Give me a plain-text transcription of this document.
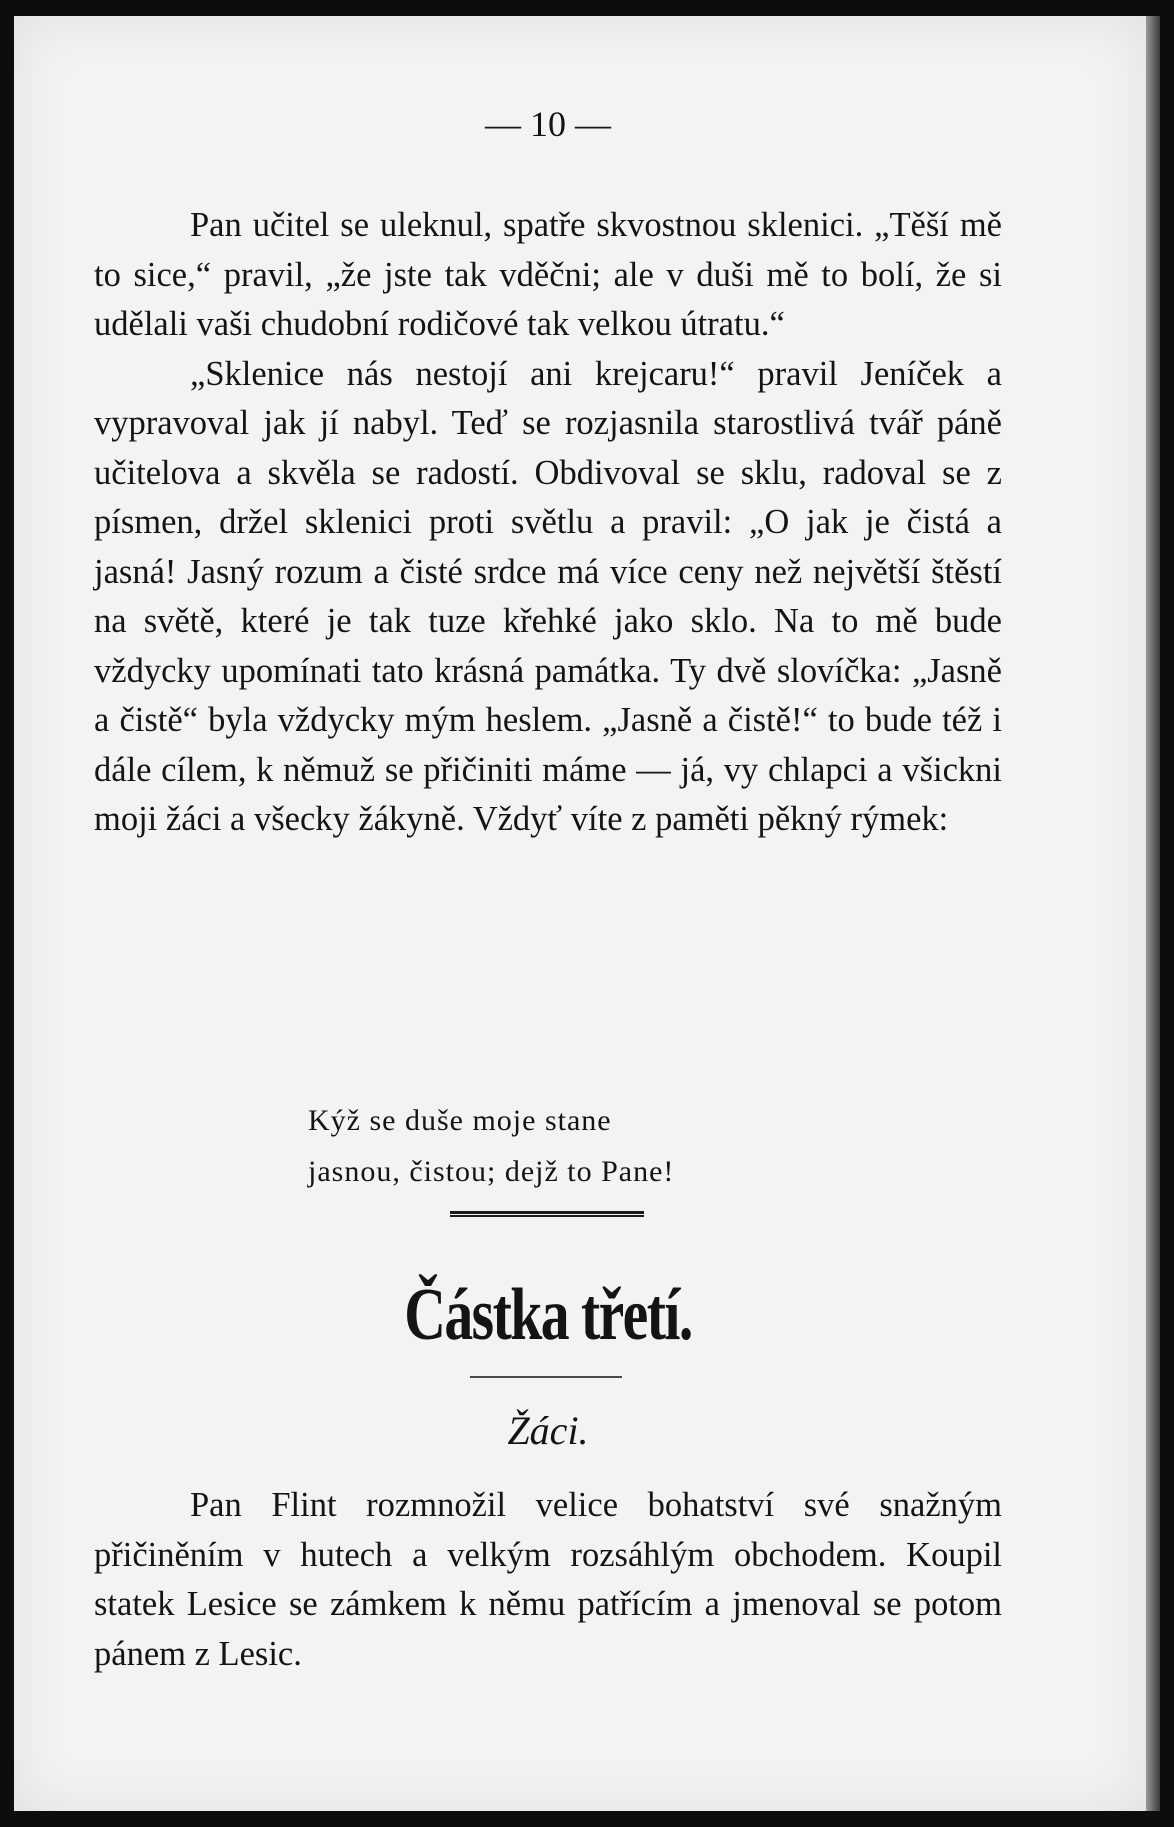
— 10 —

Pan učitel se uleknul, spatře skvostnou sklenici. „Těší mě to sice,“ pravil, „že jste tak vděčni; ale v duši mě to bolí, že si udělali vaši chudobní rodičové tak velkou útratu.“

„Sklenice nás nestojí ani krejcaru!“ pravil Jeníček a vypravoval jak jí nabyl. Teď se rozjasnila starostlivá tvář páně učitelova a skvěla se radostí. Obdivoval se sklu, radoval se z písmen, držel sklenici proti světlu a pravil: „O jak je čistá a jasná! Jasný rozum a čisté srdce má více ceny než největší štěstí na světě, které je tak tuze křehké jako sklo. Na to mě bude vždycky upomínati tato krásná památka. Ty dvě slovíčka: „Jasně a čistě“ byla vždycky mým heslem. „Jasně a čistě!“ to bude též i dále cílem, k němuž se přičiniti máme — já, vy chlapci a všickni moji žáci a všecky žákyně. Vždyť víte z paměti pěkný rýmek:

Kýž se duše moje stane
jasnou, čistou; dejž to Pane!
Částka třetí.
Žáci.

Pan Flint rozmnožil velice bohatství své snažným přičiněním v hutech a velkým rozsáhlým obchodem. Koupil statek Lesice se zámkem k němu patřícím a jmenoval se potom pánem z Lesic.
